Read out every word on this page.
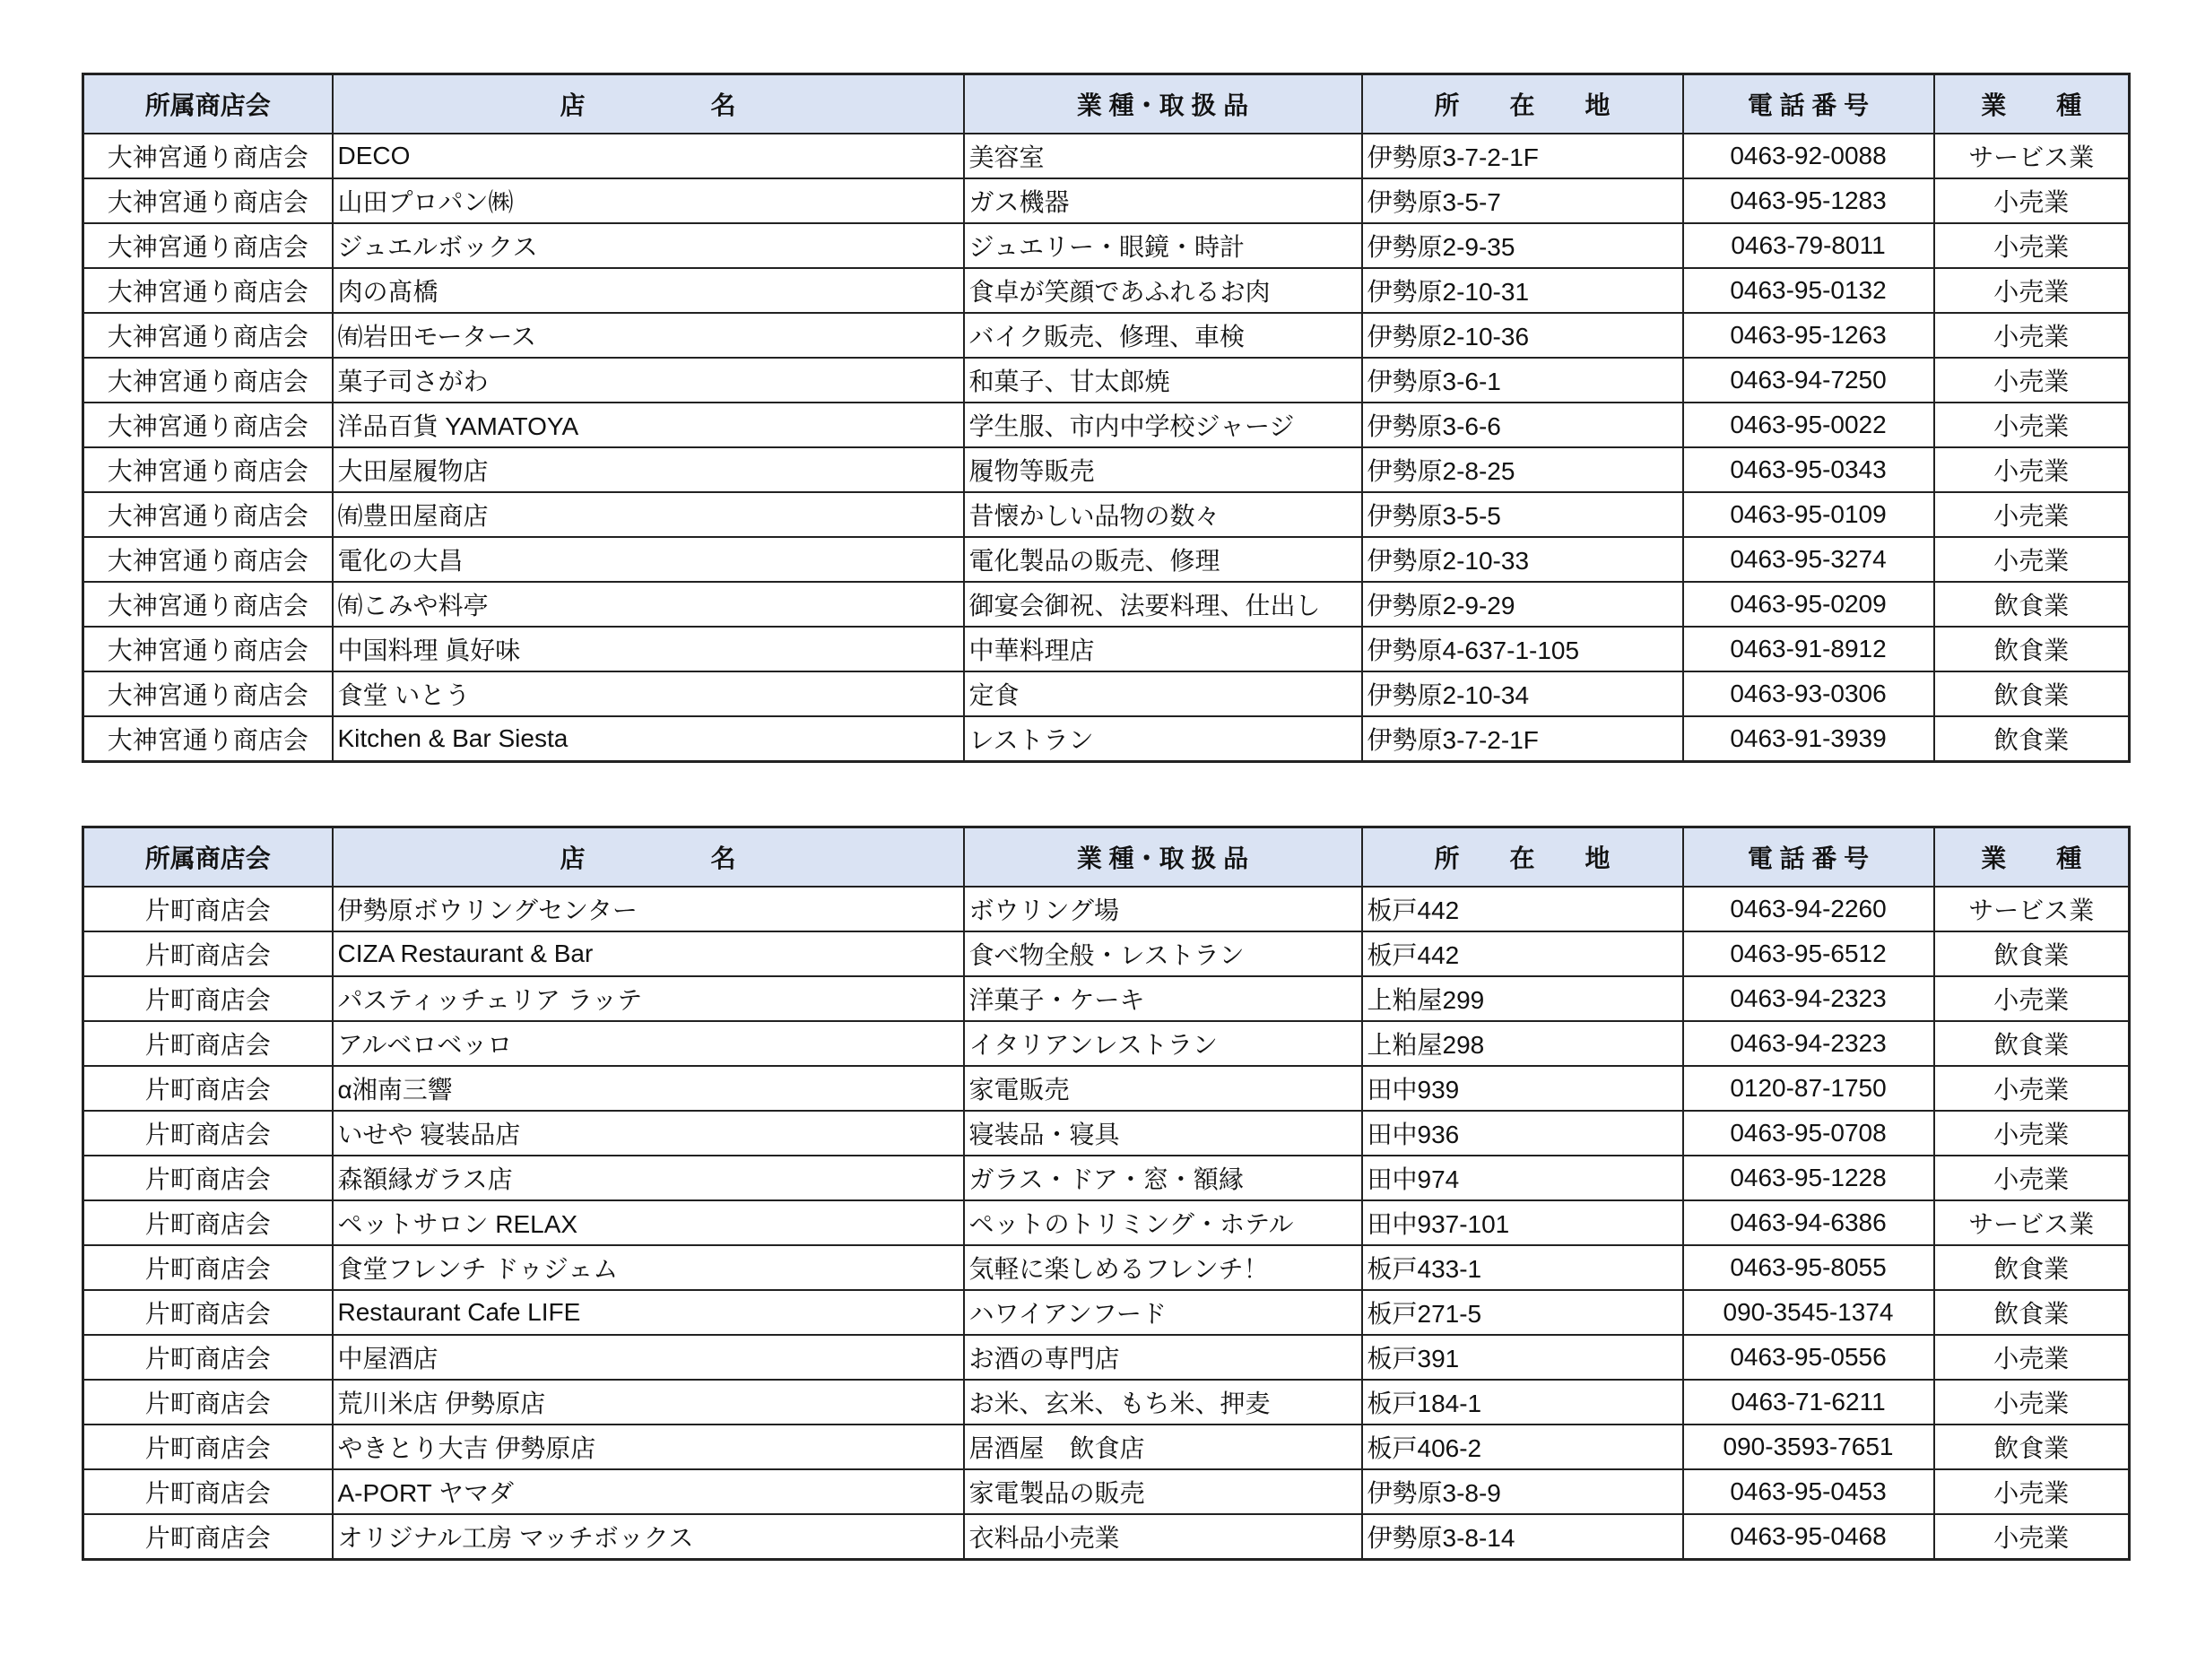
所属商店会	店　　　　　名	業 種・取 扱 品	所　　在　　地	電 話 番 号	業　　種
大神宮通り商店会	DECO	美容室	伊勢原3-7-2-1F	0463-92-0088	サービス業
大神宮通り商店会	山田プロパン㈱	ガス機器	伊勢原3-5-7	0463-95-1283	小売業
大神宮通り商店会	ジュエルボックス	ジュエリー・眼鏡・時計	伊勢原2-9-35	0463-79-8011	小売業
大神宮通り商店会	肉の髙橋	食卓が笑顔であふれるお肉	伊勢原2-10-31	0463-95-0132	小売業
大神宮通り商店会	㈲岩田モータース	バイク販売、修理、車検	伊勢原2-10-36	0463-95-1263	小売業
大神宮通り商店会	菓子司さがわ	和菓子、甘太郎焼	伊勢原3-6-1	0463-94-7250	小売業
大神宮通り商店会	洋品百貨 YAMATOYA	学生服、市内中学校ジャージ	伊勢原3-6-6	0463-95-0022	小売業
大神宮通り商店会	大田屋履物店	履物等販売	伊勢原2-8-25	0463-95-0343	小売業
大神宮通り商店会	㈲豊田屋商店	昔懐かしい品物の数々	伊勢原3-5-5	0463-95-0109	小売業
大神宮通り商店会	電化の大昌	電化製品の販売、修理	伊勢原2-10-33	0463-95-3274	小売業
大神宮通り商店会	㈲こみや料亭	御宴会御祝、法要料理、仕出し	伊勢原2-9-29	0463-95-0209	飲食業
大神宮通り商店会	中国料理 眞好味	中華料理店	伊勢原4-637-1-105	0463-91-8912	飲食業
大神宮通り商店会	食堂 いとう	定食	伊勢原2-10-34	0463-93-0306	飲食業
大神宮通り商店会	Kitchen & Bar Siesta	レストラン	伊勢原3-7-2-1F	0463-91-3939	飲食業
所属商店会	店　　　　　名	業 種・取 扱 品	所　　在　　地	電 話 番 号	業　　種
片町商店会	伊勢原ボウリングセンター	ボウリング場	板戸442	0463-94-2260	サービス業
片町商店会	CIZA Restaurant & Bar	食べ物全般・レストラン	板戸442	0463-95-6512	飲食業
片町商店会	パスティッチェリア ラッテ	洋菓子・ケーキ	上粕屋299	0463-94-2323	小売業
片町商店会	アルベロベッロ	イタリアンレストラン	上粕屋298	0463-94-2323	飲食業
片町商店会	α湘南三響	家電販売	田中939	0120-87-1750	小売業
片町商店会	いせや 寝装品店	寝装品・寝具	田中936	0463-95-0708	小売業
片町商店会	森額縁ガラス店	ガラス・ドア・窓・額縁	田中974	0463-95-1228	小売業
片町商店会	ペットサロン RELAX	ペットのトリミング・ホテル	田中937-101	0463-94-6386	サービス業
片町商店会	食堂フレンチ ドゥジェム	気軽に楽しめるフレンチ！	板戸433-1	0463-95-8055	飲食業
片町商店会	Restaurant Cafe LIFE	ハワイアンフード	板戸271-5	090-3545-1374	飲食業
片町商店会	中屋酒店	お酒の専門店	板戸391	0463-95-0556	小売業
片町商店会	荒川米店 伊勢原店	お米、玄米、もち米、押麦	板戸184-1	0463-71-6211	小売業
片町商店会	やきとり大吉 伊勢原店	居酒屋　飲食店	板戸406-2	090-3593-7651	飲食業
片町商店会	A-PORT ヤマダ	家電製品の販売	伊勢原3-8-9	0463-95-0453	小売業
片町商店会	オリジナル工房 マッチボックス	衣料品小売業	伊勢原3-8-14	0463-95-0468	小売業
